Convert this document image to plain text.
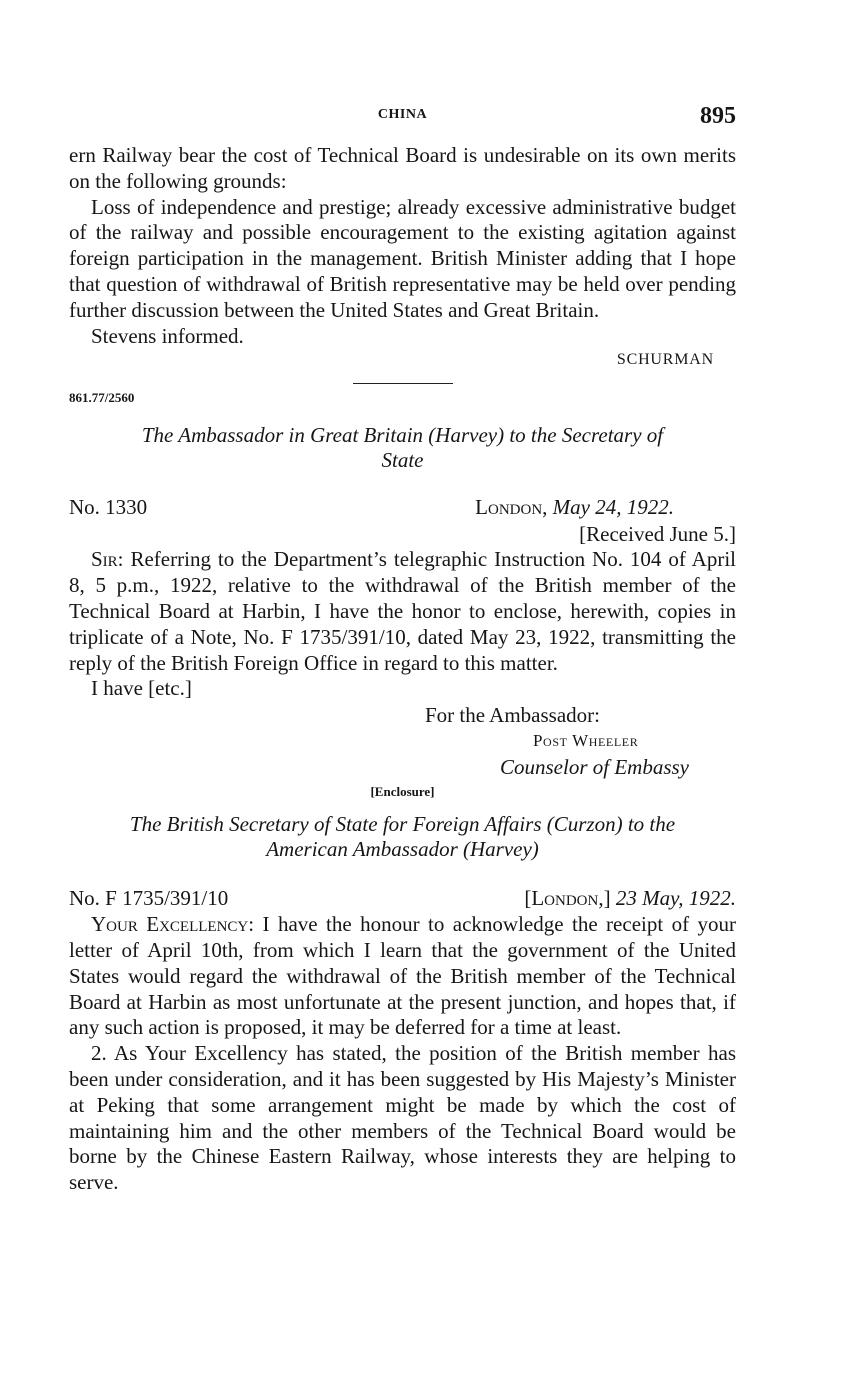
CHINA	895

ern Railway bear the cost of Technical Board is undesirable on its own merits on the following grounds:

Loss of independence and prestige; already excessive administrative budget of the railway and possible encouragement to the existing agitation against foreign participation in the management. British Minister adding that I hope that question of withdrawal of British representative may be held over pending further discussion between the United States and Great Britain.

Stevens informed.

SCHURMAN
861.77/2560
The Ambassador in Great Britain (Harvey) to the Secretary of
State
No. 1330	London, May 24, 1922.
[Received June 5.]

Sir: Referring to the Department’s telegraphic Instruction No. 104 of April 8, 5 p.m., 1922, relative to the withdrawal of the British member of the Technical Board at Harbin, I have the honor to enclose, herewith, copies in triplicate of a Note, No. F 1735/391/10, dated May 23, 1922, transmitting the reply of the British Foreign Office in regard to this matter.

I have [etc.]

For the Ambassador:
Post Wheeler
Counselor of Embassy
[Enclosure]
The British Secretary of State for Foreign Affairs (Curzon) to the
American Ambassador (Harvey)
No. F 1735/391/10	[London,] 23 May, 1922.

Your Excellency: I have the honour to acknowledge the receipt of your letter of April 10th, from which I learn that the government of the United States would regard the withdrawal of the British member of the Technical Board at Harbin as most unfortunate at the present junction, and hopes that, if any such action is proposed, it may be deferred for a time at least.

2. As Your Excellency has stated, the position of the British member has been under consideration, and it has been suggested by His Majesty’s Minister at Peking that some arrangement might be made by which the cost of maintaining him and the other members of the Technical Board would be borne by the Chinese Eastern Railway, whose interests they are helping to serve.
